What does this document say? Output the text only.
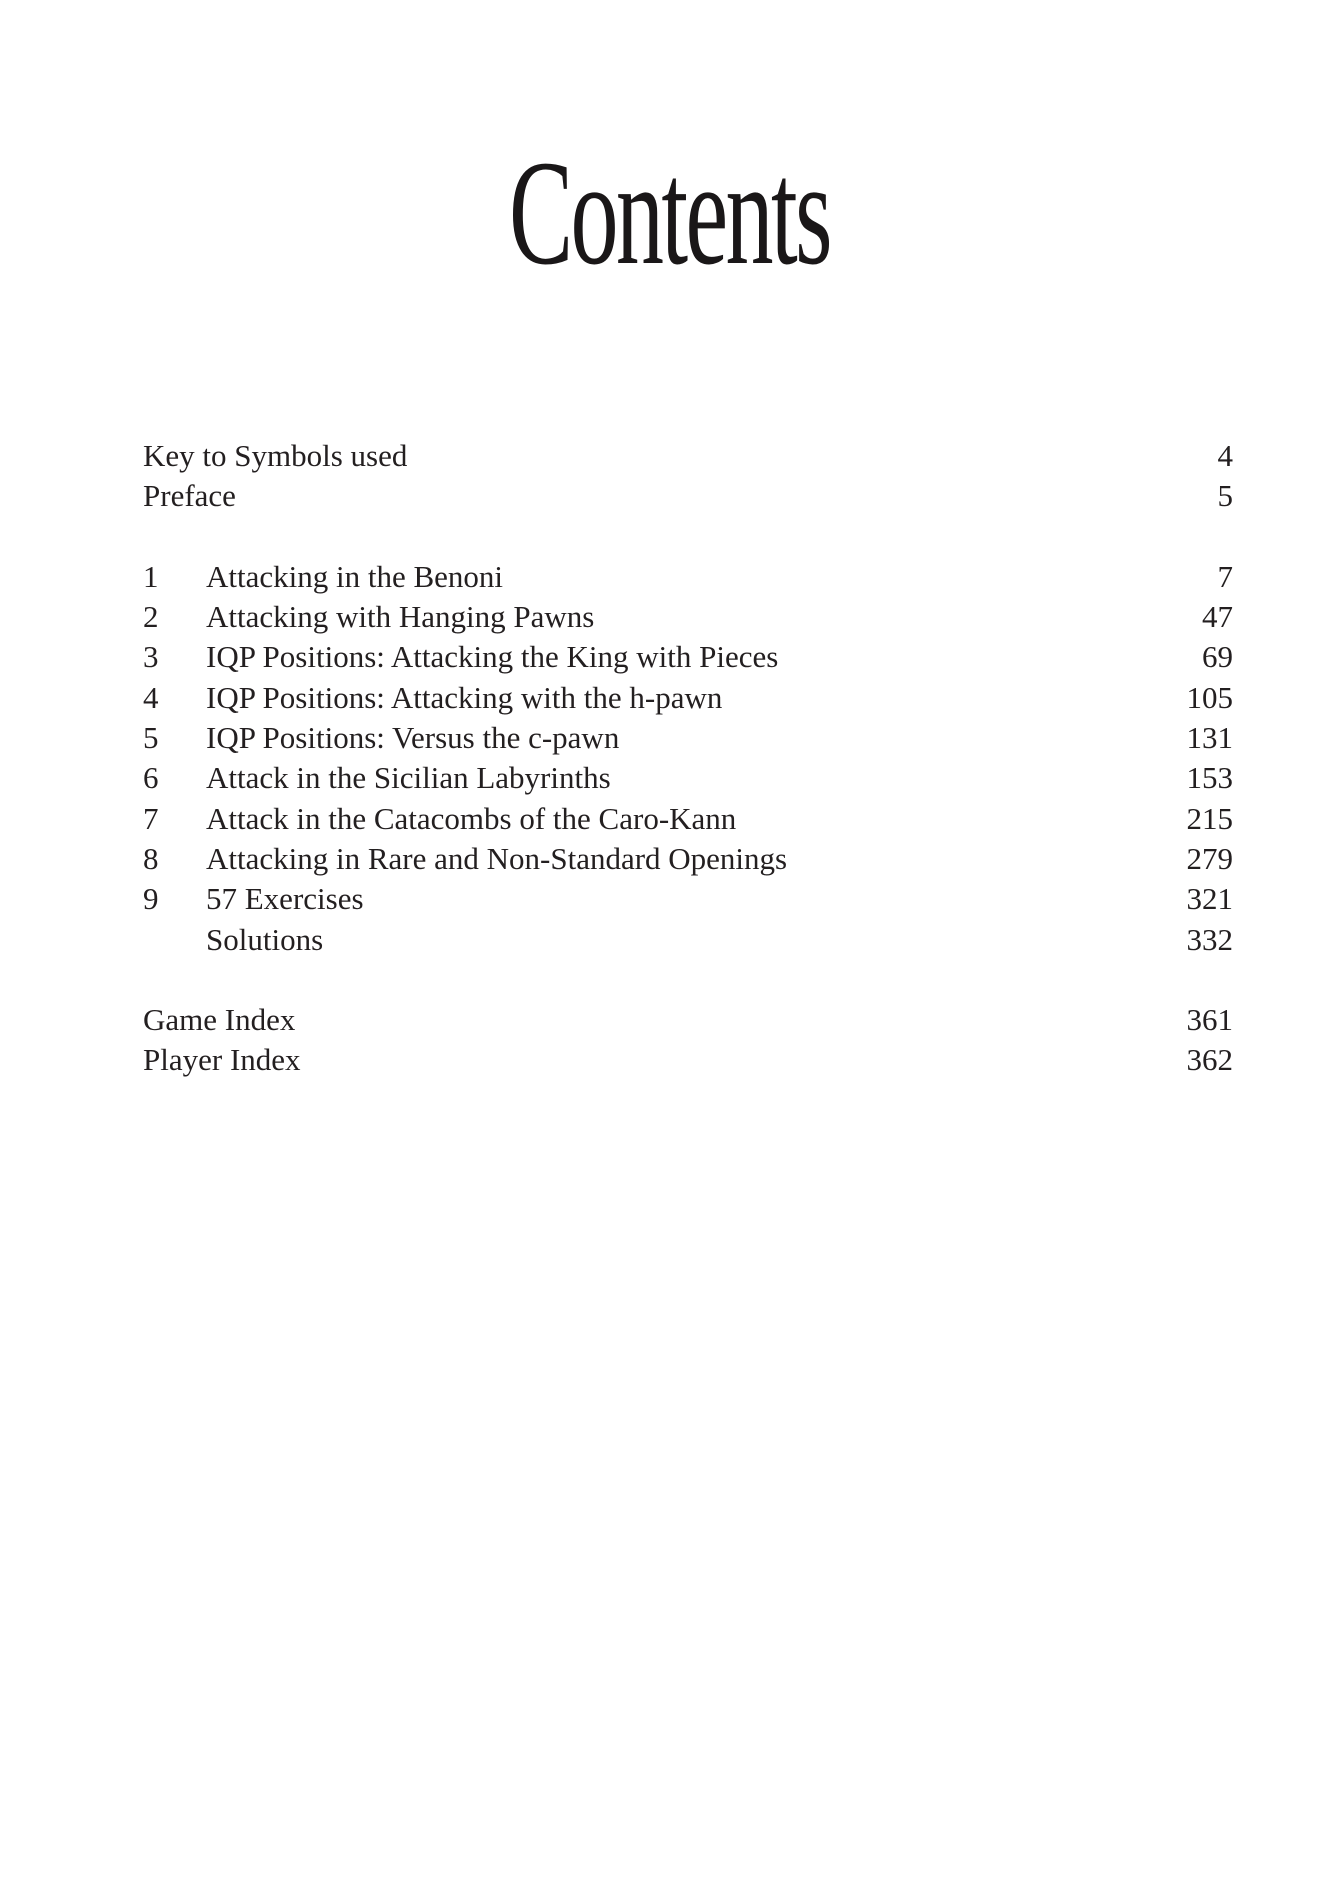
Contents
Key to Symbols used	4
Preface	5
1 Attacking in the Benoni	7
2 Attacking with Hanging Pawns	47
3 IQP Positions: Attacking the King with Pieces	69
4 IQP Positions: Attacking with the h-pawn	105
5 IQP Positions: Versus the c-pawn	131
6 Attack in the Sicilian Labyrinths	153
7 Attack in the Catacombs of the Caro-Kann	215
8 Attacking in Rare and Non-Standard Openings	279
9 57 Exercises	321
Solutions	332
Game Index	361
Player Index	362
